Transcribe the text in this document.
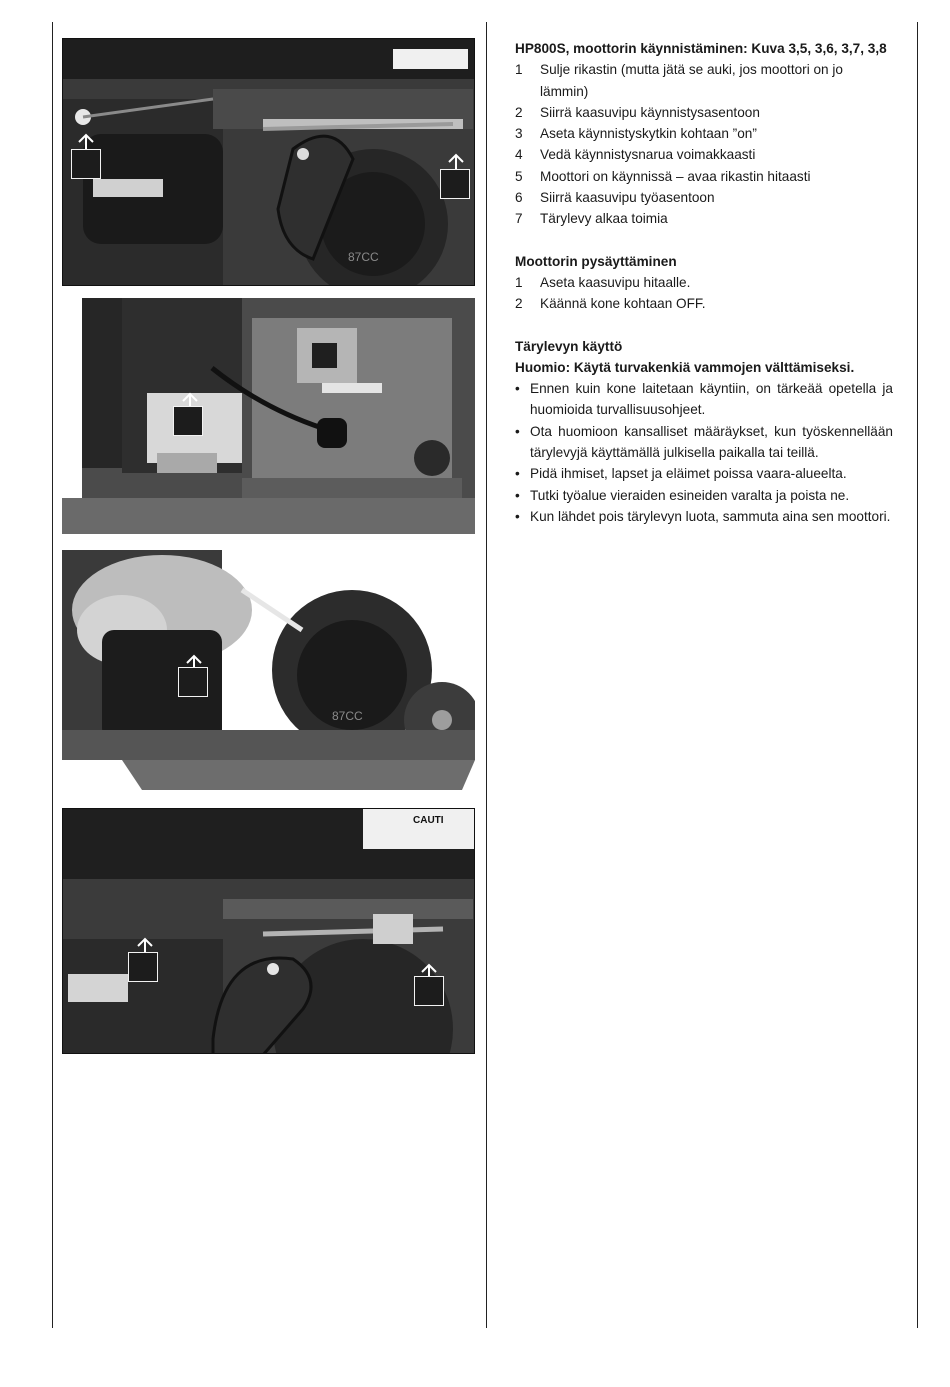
87CC
87CC
CAUTI
HP800S, moottorin käynnistäminen: Kuva 3,5, 3,6, 3,7, 3,8
1 Sulje rikastin (mutta jätä se auki, jos moottori on jo lämmin)
2 Siirrä kaasuvipu käynnistysasentoon
3 Aseta käynnistyskytkin kohtaan ”on”
4 Vedä käynnistysnarua voimakkaasti
5 Moottori on käynnissä – avaa rikastin hitaasti
6 Siirrä kaasuvipu työasentoon
7 Tärylevy alkaa toimia
Moottorin pysäyttäminen
1 Aseta kaasuvipu hitaalle.
2 Käännä kone kohtaan OFF.
Tärylevyn käyttö
Huomio: Käytä turvakenkiä vammojen välttämiseksi.
• Ennen kuin kone laitetaan käyntiin, on tärkeää opetella ja huomioida turvallisuusohjeet.
• Ota huomioon kansalliset määräykset, kun työskennellään tärylevyjä käyttämällä julkisella paikalla tai teillä.
• Pidä ihmiset, lapset ja eläimet poissa vaara-alueelta.
• Tutki työalue vieraiden esineiden varalta ja poista ne.
• Kun lähdet pois tärylevyn luota, sammuta aina sen moottori.
